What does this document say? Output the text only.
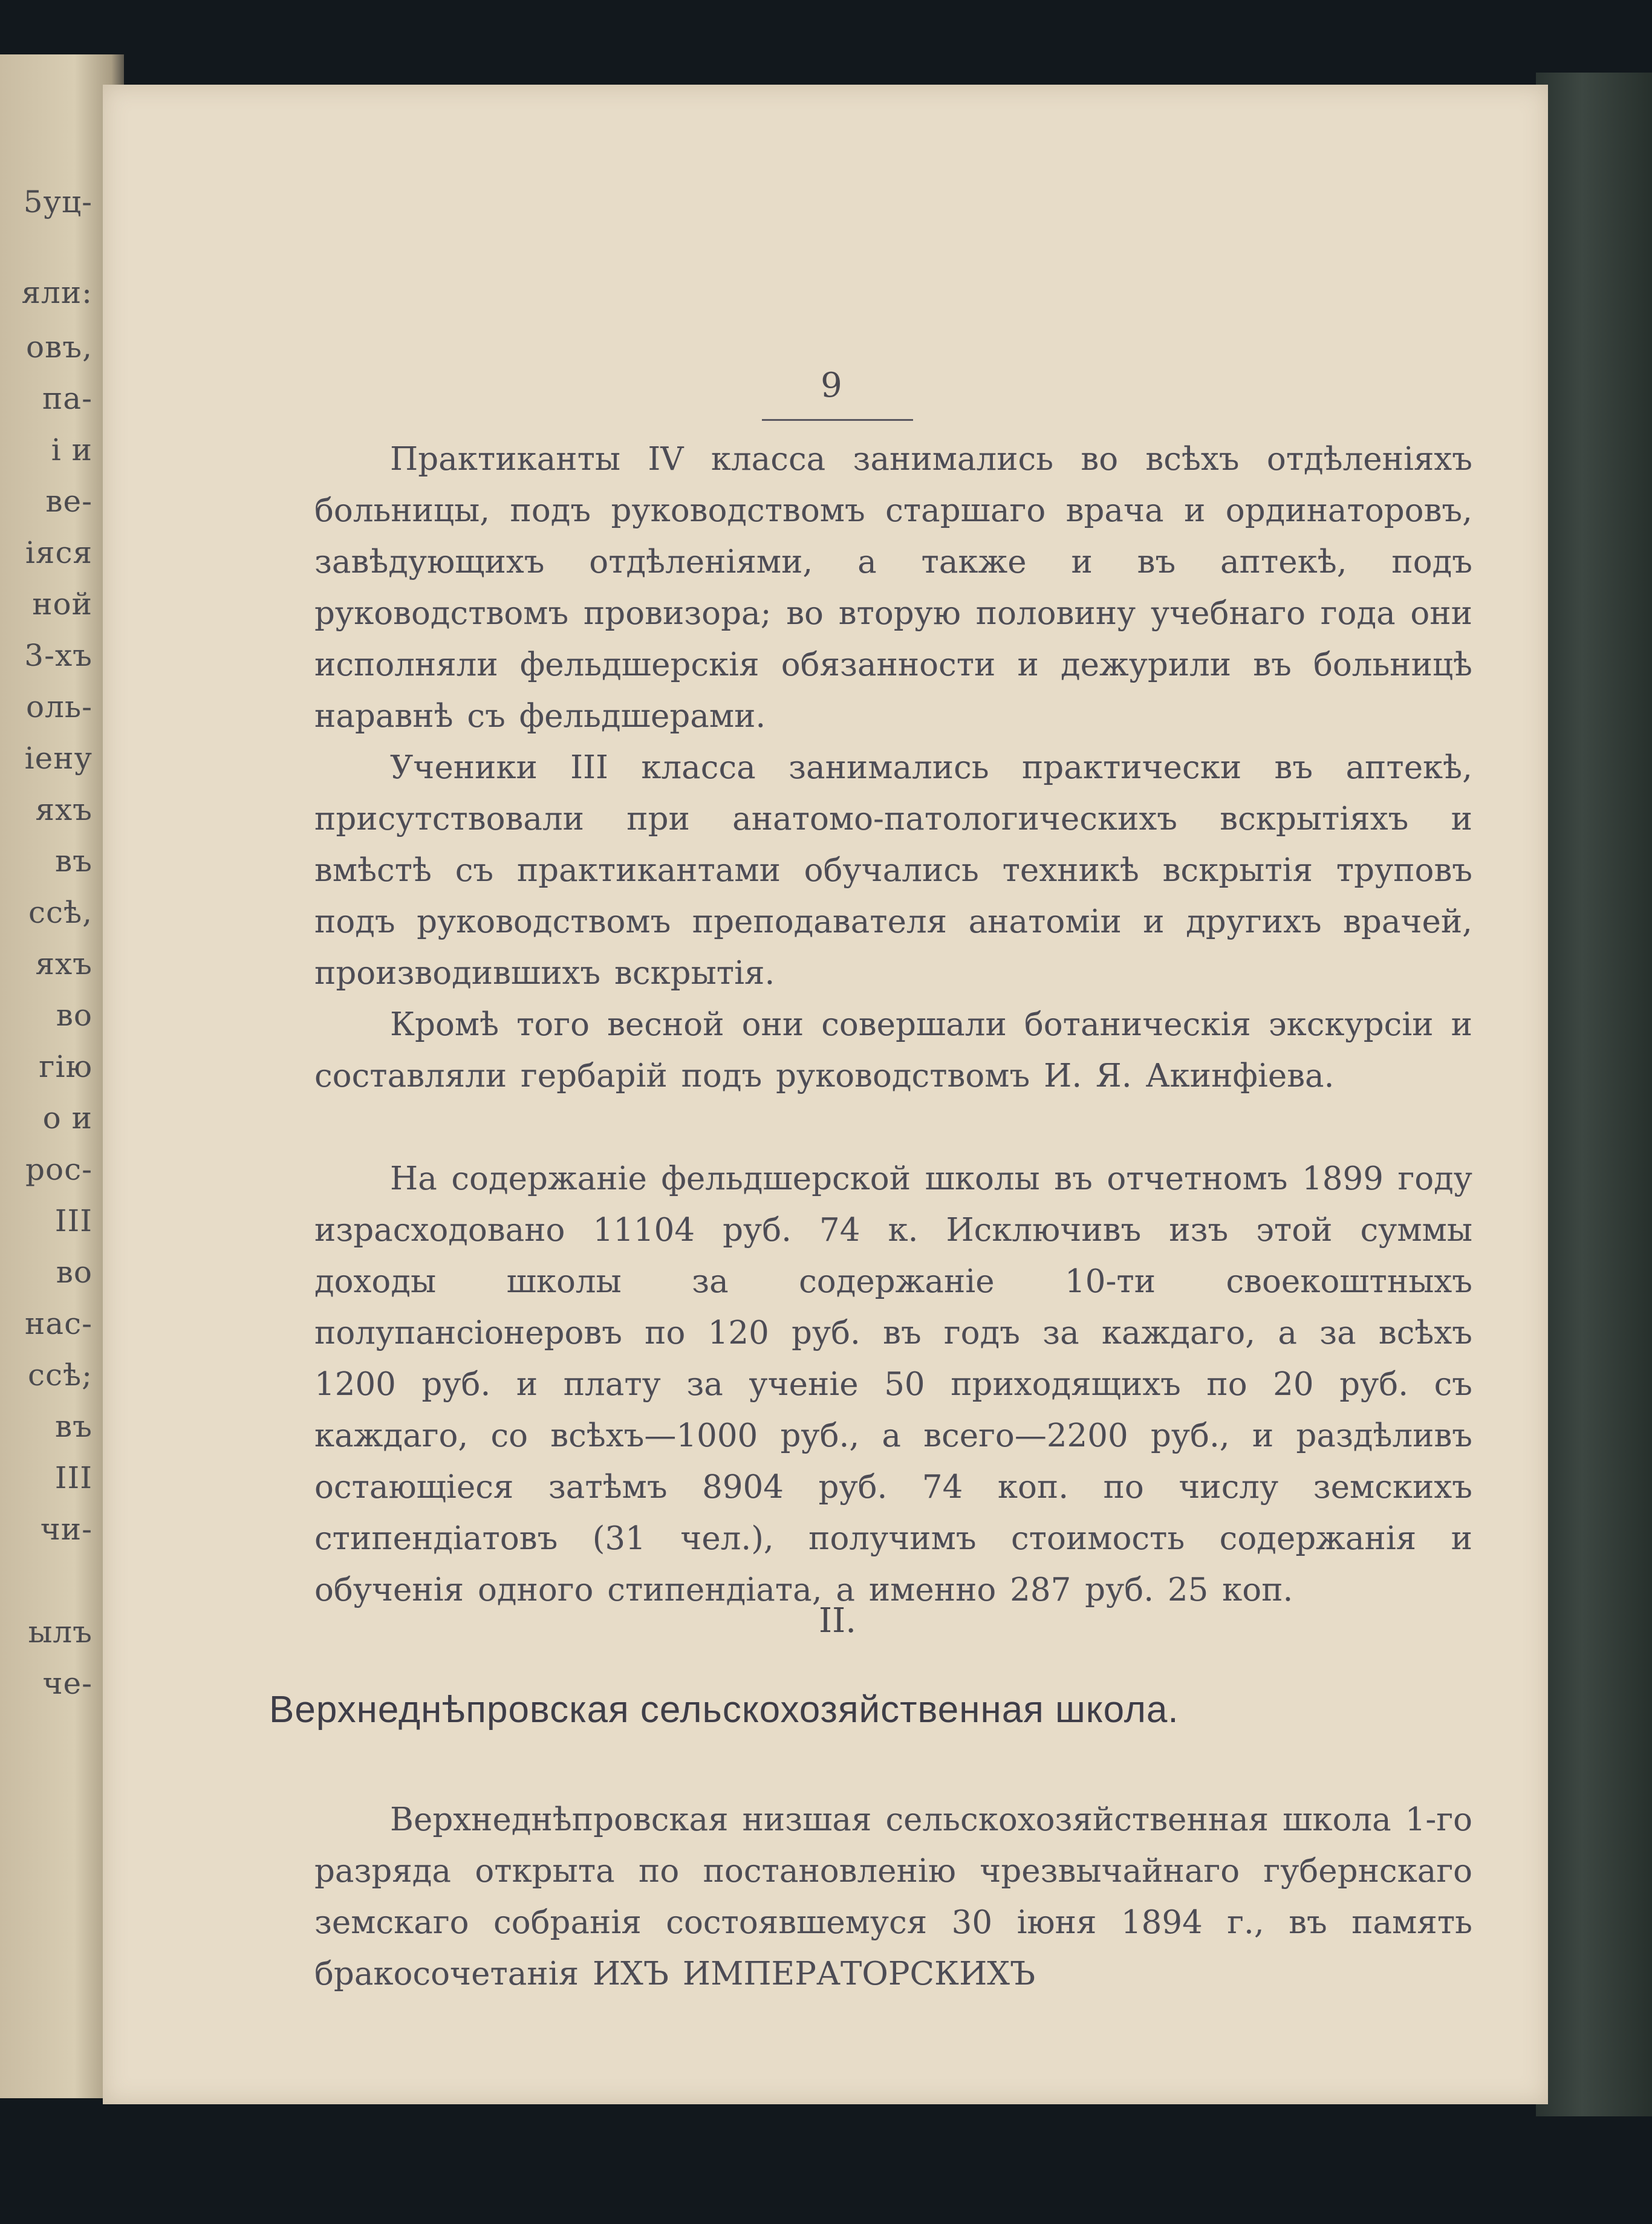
5уц-
яли:
овъ,
па-
і и
ве-
іяся
ной
3-хъ
оль-
іену
яхъ
въ
ссѣ,
яхъ
во
гію
о и
рос-
III
во
нас-
ссѣ;
въ
III
чи-
ылъ
че-
9

Практиканты IV класса занимались во всѣхъ отдѣленіяхъ больницы, подъ руководствомъ старшаго врача и ординаторовъ, завѣдующихъ отдѣленіями, а также и въ аптекѣ, подъ руководствомъ провизора; во вторую половину учебнаго года они исполняли фельдшерскія обязанности и дежурили въ больницѣ наравнѣ съ фельдшерами.

Ученики III класса занимались практически въ аптекѣ, присутствовали при анатомо-патологическихъ вскрытіяхъ и вмѣстѣ съ практикантами обучались техникѣ вскрытія труповъ подъ руководствомъ преподавателя анатоміи и другихъ врачей, производившихъ вскрытія.

Кромѣ того весной они совершали ботаническія экскурсіи и составляли гербарій подъ руководствомъ И. Я. Акинфіева.

На содержаніе фельдшерской школы въ отчетномъ 1899 году израсходовано 11104 руб. 74 к. Исключивъ изъ этой суммы доходы школы за содержаніе 10-ти своекоштныхъ полупансіонеровъ по 120 руб. въ годъ за каждаго, а за всѣхъ 1200 руб. и плату за ученіе 50 приходящихъ по 20 руб. съ каждаго, со всѣхъ—1000 руб., а всего—2200 руб., и раздѣливъ остающіеся затѣмъ 8904 руб. 74 коп. по числу земскихъ стипендіатовъ (31 чел.), получимъ стоимость содержанія и обученія одного стипендіата, а именно 287 руб. 25 коп.

II.
Верхнеднѣпровская сельскохозяйственная школа.

Верхнеднѣпровская низшая сельскохозяйственная школа 1-го разряда открыта по постановленію чрезвычайнаго губернскаго земскаго собранія состоявшемуся 30 іюня 1894 г., въ память бракосочетанія ИХЪ ИМПЕРАТОРСКИХЪ
